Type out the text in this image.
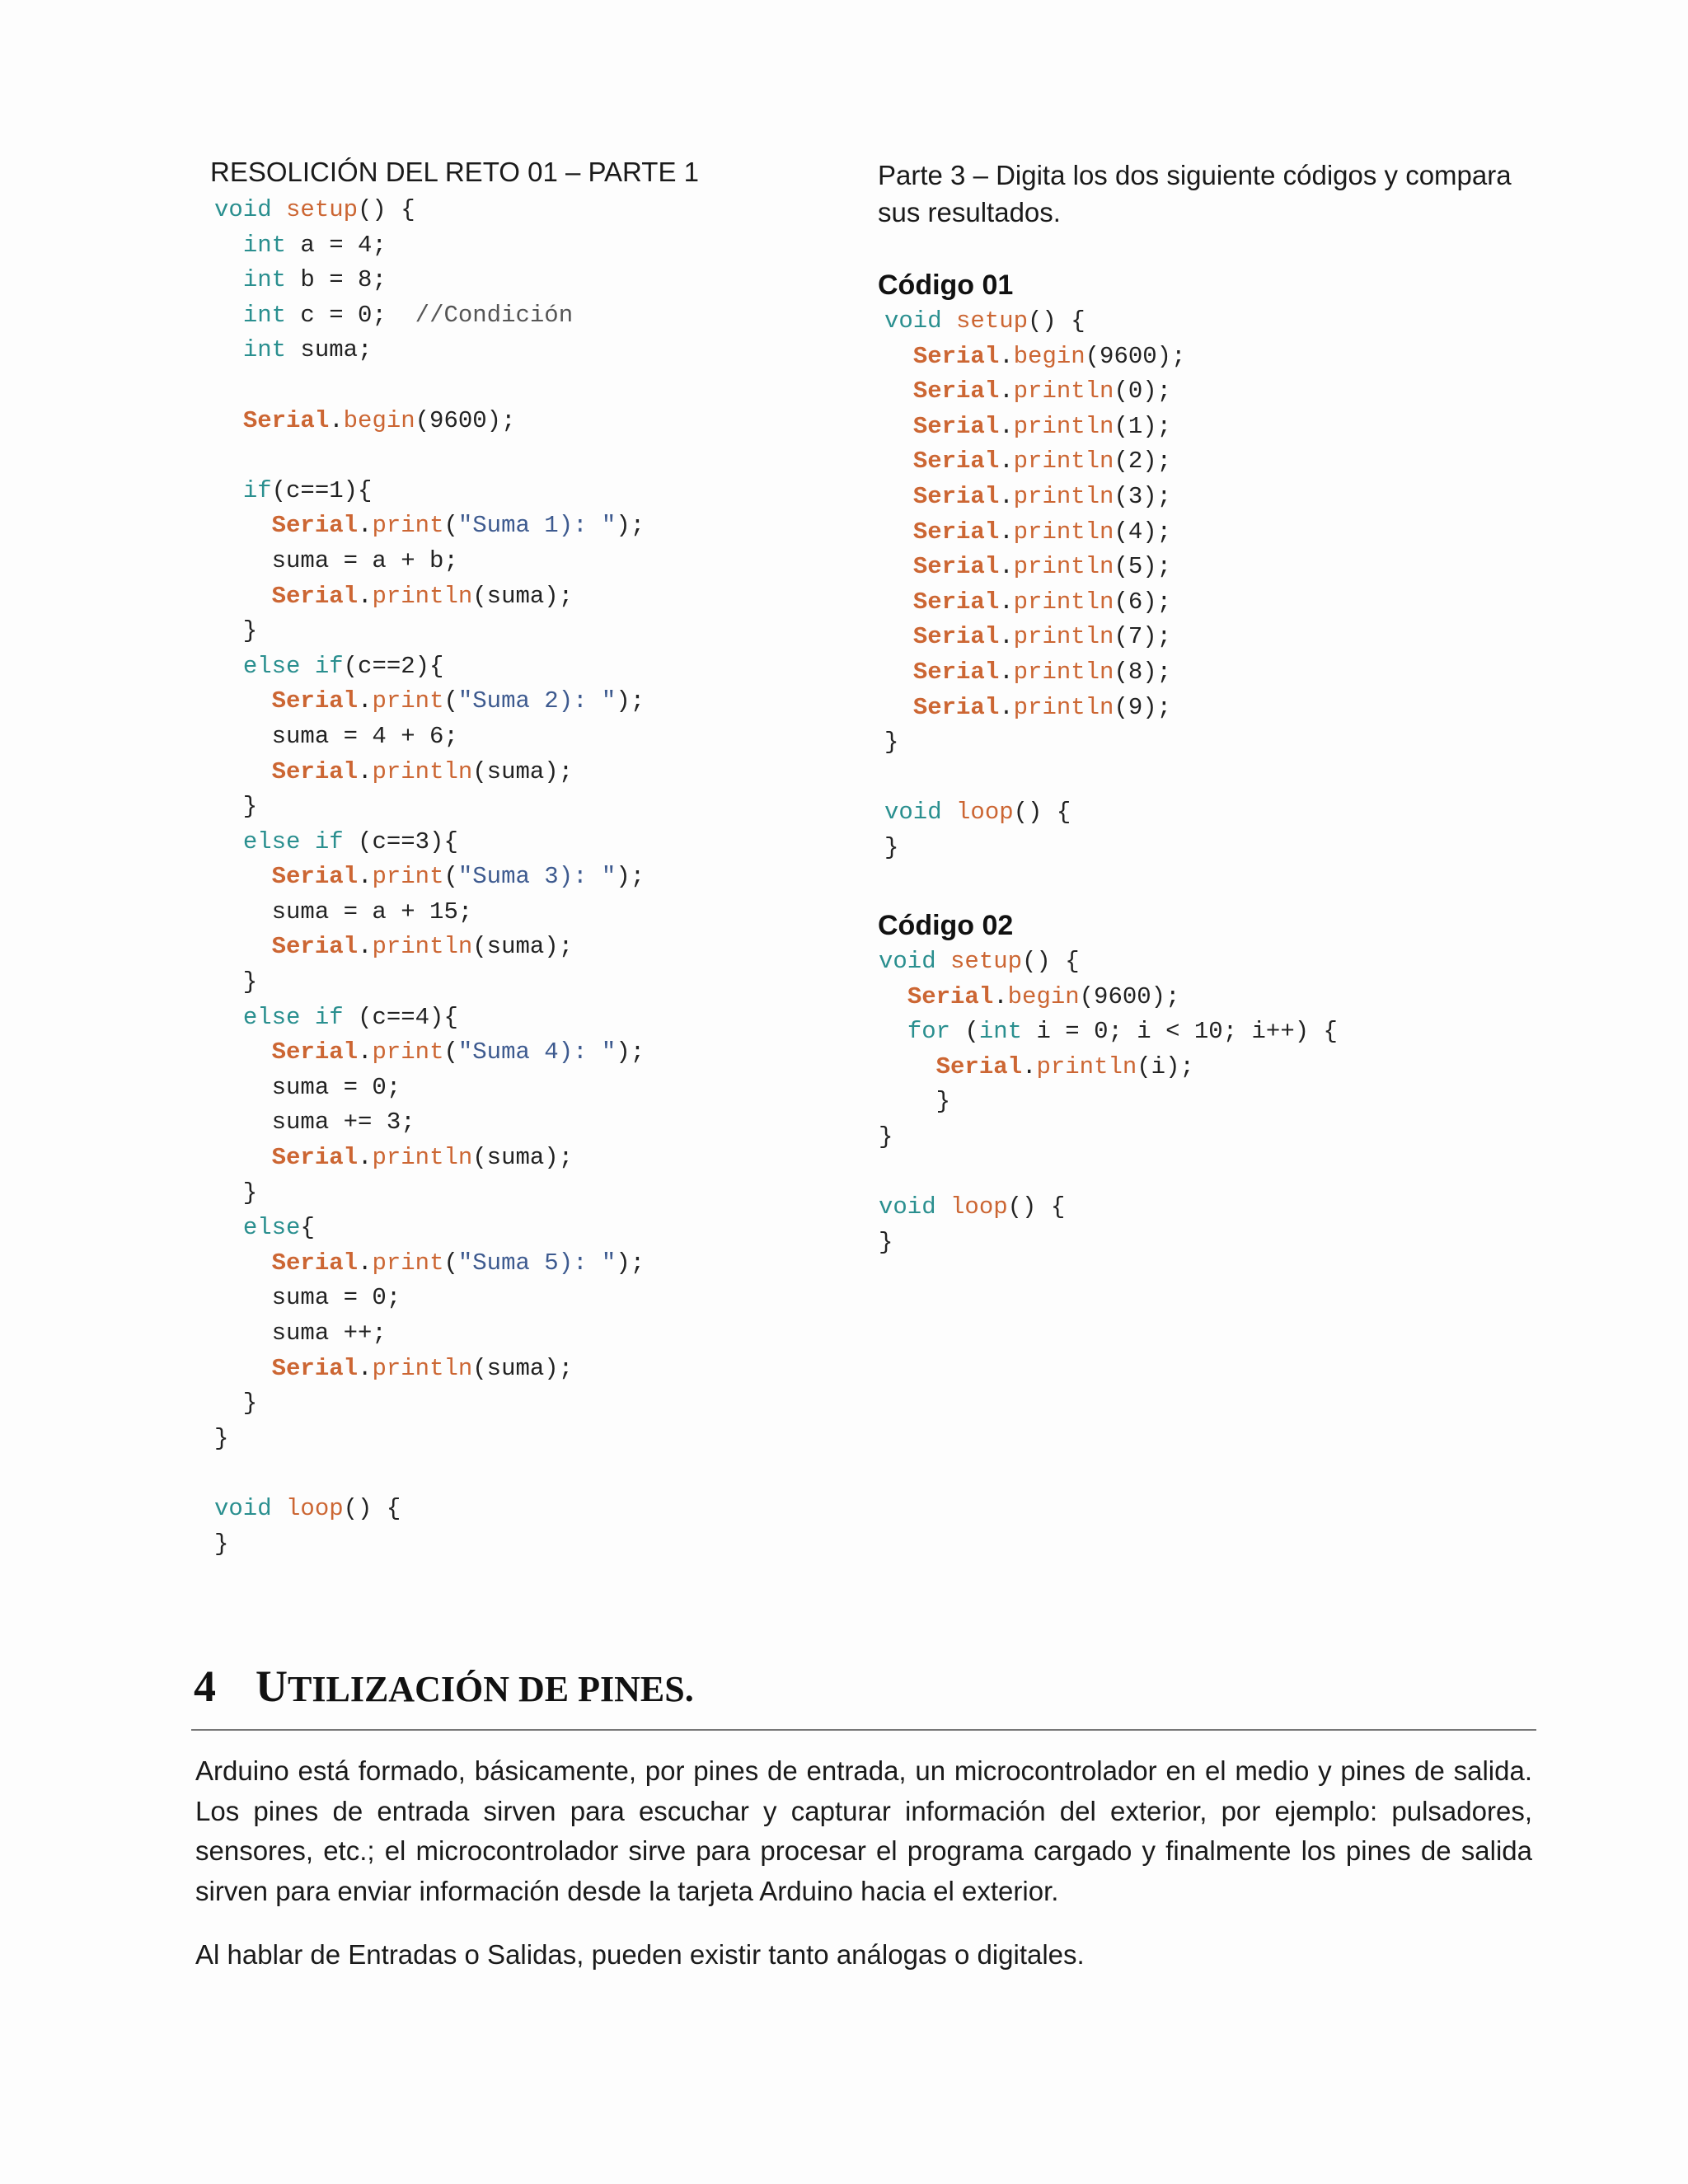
RESOLICIÓN DEL RETO 01 – PARTE 1
void setup() {
int a = 4;
int b = 8;
int c = 0;  //Condición
int suma;
Serial.begin(9600);
if(c==1){
Serial.print("Suma 1): ");
suma = a + b;
Serial.println(suma);
}
else if(c==2){
Serial.print("Suma 2): ");
suma = 4 + 6;
Serial.println(suma);
}
else if (c==3){
Serial.print("Suma 3): ");
suma = a + 15;
Serial.println(suma);
}
else if (c==4){
Serial.print("Suma 4): ");
suma = 0;
suma += 3;
Serial.println(suma);
}
else{
Serial.print("Suma 5): ");
suma = 0;
suma ++;
Serial.println(suma);
}
}
void loop() {
}
Parte 3 – Digita los dos siguiente códigos y compara sus resultados.
Código 01
void setup() {
Serial.begin(9600);
Serial.println(0);
Serial.println(1);
Serial.println(2);
Serial.println(3);
Serial.println(4);
Serial.println(5);
Serial.println(6);
Serial.println(7);
Serial.println(8);
Serial.println(9);
}
void loop() {
}
Código 02
void setup() {
Serial.begin(9600);
for (int i = 0; i < 10; i++) {
Serial.println(i);
}
}
void loop() {
}
4 UTILIZACIÓN DE PINES.

Arduino está formado, básicamente, por pines de entrada, un microcontrolador en el medio y pines de salida. Los pines de entrada sirven para escuchar y capturar información del exterior, por ejemplo: pulsadores, sensores, etc.; el microcontrolador sirve para procesar el programa cargado y finalmente los pines de salida sirven para enviar información desde la tarjeta Arduino hacia el exterior.

Al hablar de Entradas o Salidas, pueden existir tanto análogas o digitales.
